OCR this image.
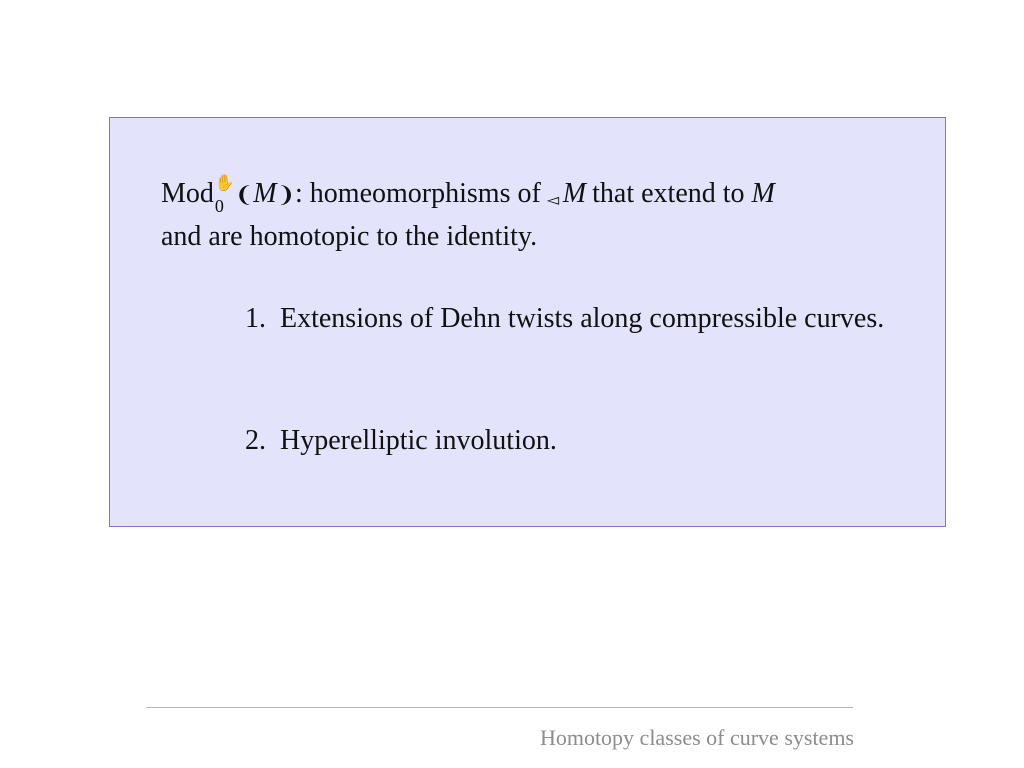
Mod$_0$✋❨M❩: homeomorphisms of ◅ M that extend to M
and are homotopic to the identity.
1. Extensions of Dehn twists along compressible curves.
2. Hyperelliptic involution.
Homotopy classes of curve systems
